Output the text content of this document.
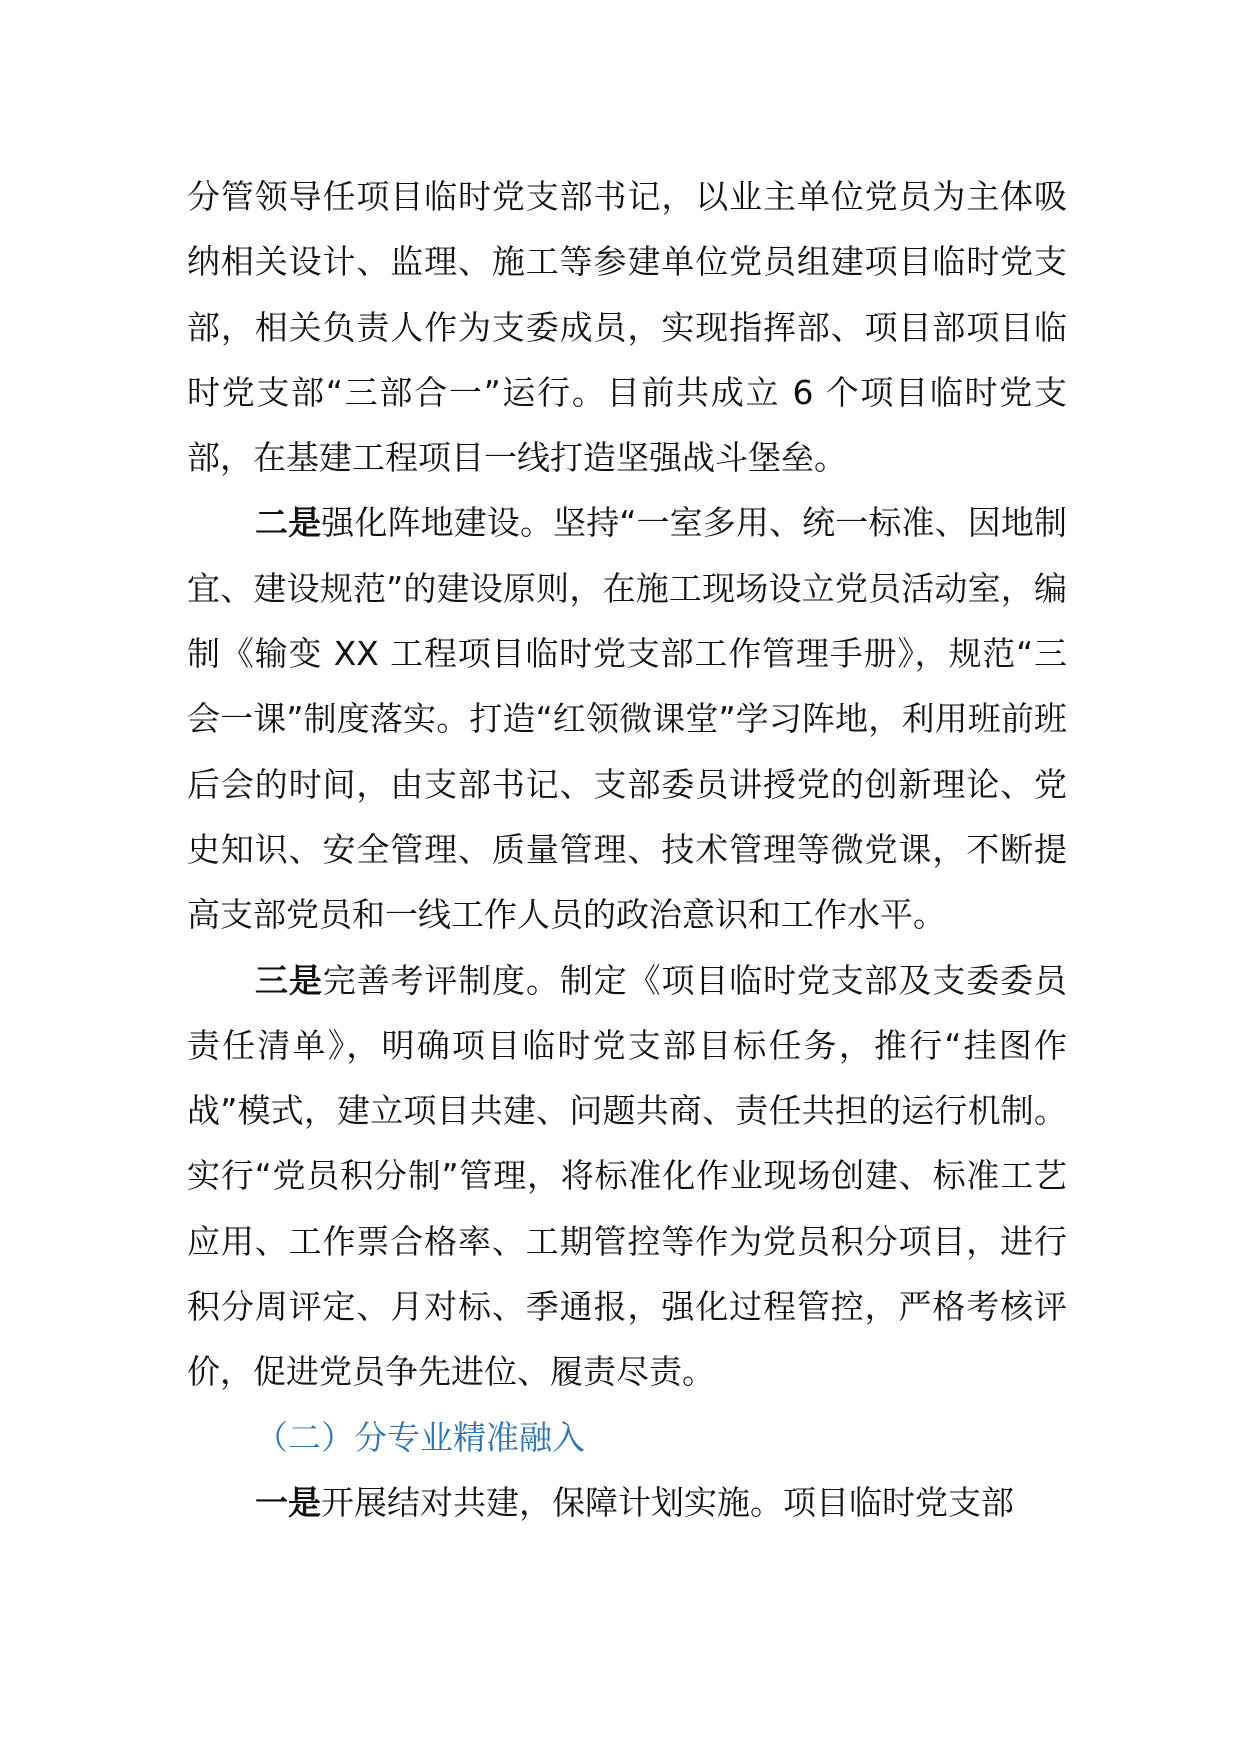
分管领导任项目临时党支部书记，以业主单位党员为主体吸纳相关设计、监理、施工等参建单位党员组建项目临时党支部，相关负责人作为支委成员，实现指挥部、项目部项目临时党支部“三部合一”运行。目前共成立 6 个项目临时党支部，在基建工程项目一线打造坚强战斗堡垒。

二是强化阵地建设。坚持“一室多用、统一标准、因地制宜、建设规范”的建设原则，在施工现场设立党员活动室，编制《输变 XX 工程项目临时党支部工作管理手册》，规范“三会一课”制度落实。打造“红领微课堂”学习阵地，利用班前班后会的时间，由支部书记、支部委员讲授党的创新理论、党史知识、安全管理、质量管理、技术管理等微党课，不断提高支部党员和一线工作人员的政治意识和工作水平。

三是完善考评制度。制定《项目临时党支部及支委委员责任清单》，明确项目临时党支部目标任务，推行“挂图作战”模式，建立项目共建、问题共商、责任共担的运行机制。实行“党员积分制”管理，将标准化作业现场创建、标准工艺应用、工作票合格率、工期管控等作为党员积分项目，进行积分周评定、月对标、季通报，强化过程管控，严格考核评价，促进党员争先进位、履责尽责。

（二）分专业精准融入

一是开展结对共建，保障计划实施。项目临时党支部
